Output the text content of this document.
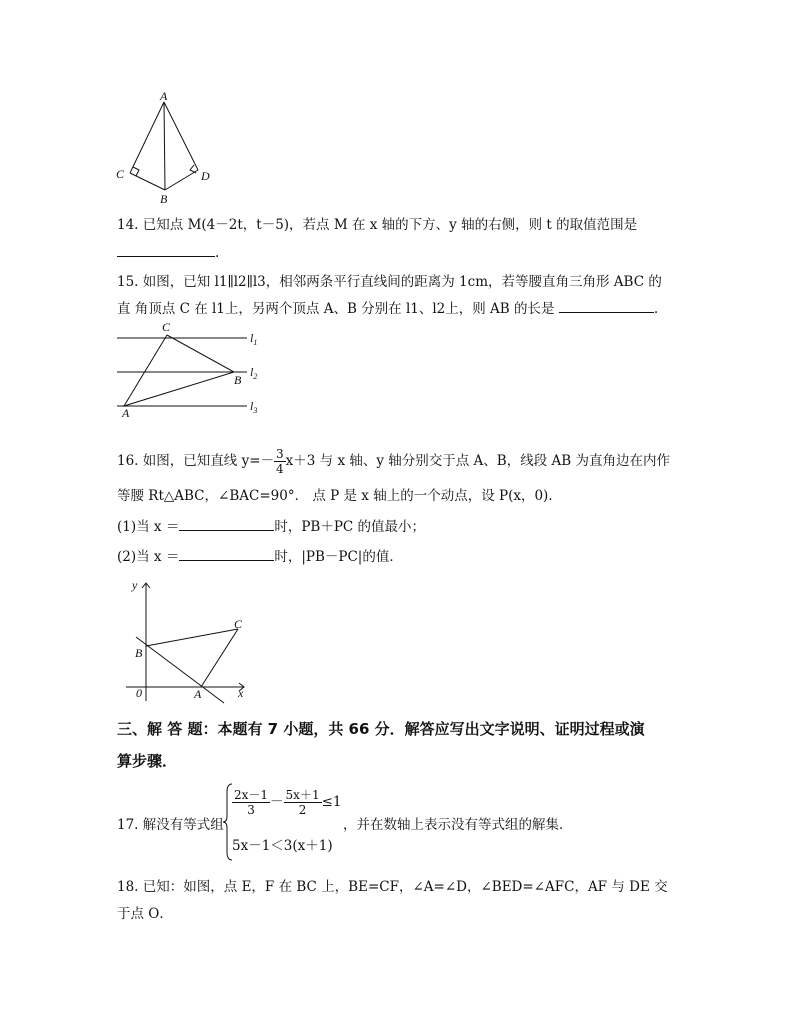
A
C	D
B
14. 已知点 M(4－2t，t－5)，若点 M 在 x 轴的下方、y 轴的右侧，则 t 的取值范围是
.
15. 如图，已知 l1∥l2∥l3，相邻两条平行直线间的距离为 1cm，若等腰直角三角形 ABC 的
直 角顶点 C 在 l1上，另两个顶点 A、B 分别在 l1、l2上，则 AB 的长是	.
C
B
A
$l_1$
$l_2$
$l_3$
16. 如图，已知直线 $y=- \frac{3}{4} x+3$ 与 x 轴、y 轴分别交于点 A、B，线段 AB 为直角边在内作
等腰 Rt△ABC，∠BAC=90°． 点 P 是 x 轴上的一个动点，设 P(x，0)．
(1)当 x ＝	时，PB＋PC 的值最小；
(2)当 x ＝	时，|PB－PC|的值．
y
x
0	A
B
C
三、解 答 题：本题有 7 小题，共 66 分．解答应写出文字说明、证明过程或演
算步骤．
17. 解没有等式组
$\frac{2x-1}{3} - \frac{5x+1}{2} \le 1$
5x－1＜3(x＋1)
，并在数轴上表示没有等式组的解集．
18. 已知：如图，点 E，F 在 BC 上，BE=CF，∠A=∠D，∠BED=∠AFC，AF 与 DE 交
于点 O．
